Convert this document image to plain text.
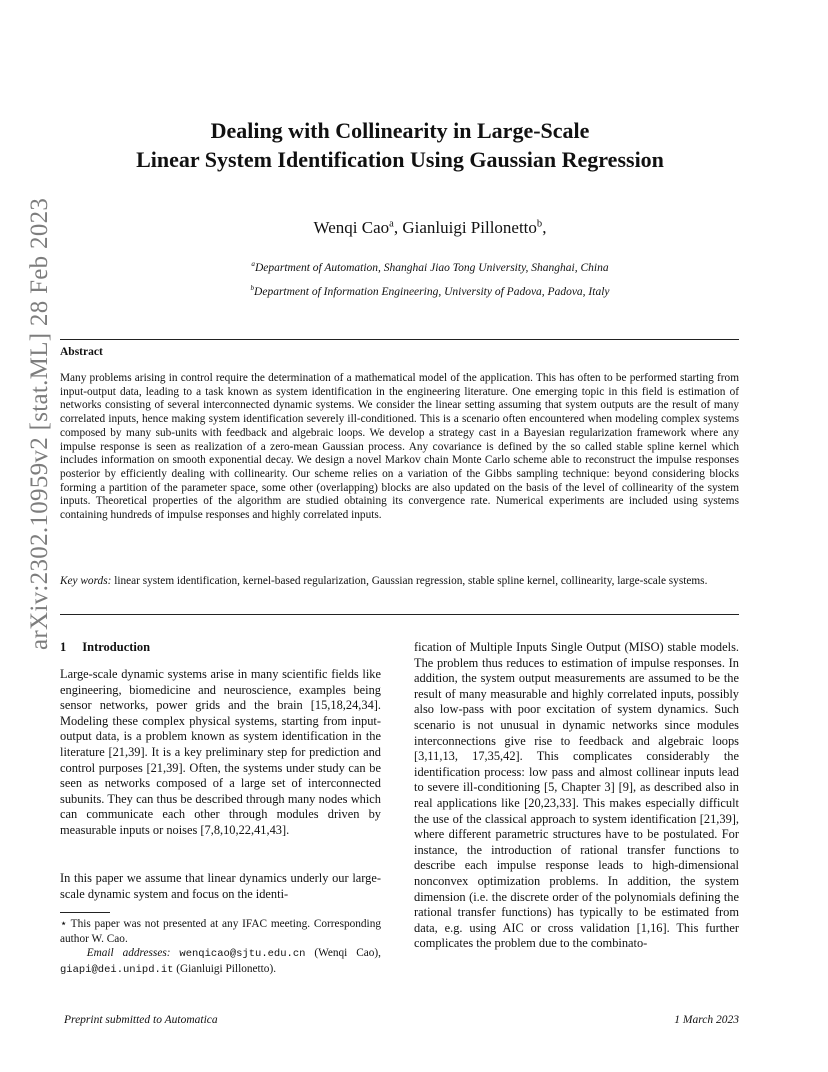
arXiv:2302.10959v2 [stat.ML] 28 Feb 2023
Dealing with Collinearity in Large-Scale
Linear System Identification Using Gaussian Regression
Wenqi Cao$^a$, Gianluigi Pillonetto$^b$,
$^a$Department of Automation, Shanghai Jiao Tong University, Shanghai, China
$^b$Department of Information Engineering, University of Padova, Padova, Italy
Abstract
Many problems arising in control require the determination of a mathematical model of the application. This has often to be performed starting from input-output data, leading to a task known as system identification in the engineering literature. One emerging topic in this field is estimation of networks consisting of several interconnected dynamic systems. We consider the linear setting assuming that system outputs are the result of many correlated inputs, hence making system identification severely ill-conditioned. This is a scenario often encountered when modeling complex systems composed by many sub-units with feedback and algebraic loops. We develop a strategy cast in a Bayesian regularization framework where any impulse response is seen as realization of a zero-mean Gaussian process. Any covariance is defined by the so called stable spline kernel which includes information on smooth exponential decay. We design a novel Markov chain Monte Carlo scheme able to reconstruct the impulse responses posterior by efficiently dealing with collinearity. Our scheme relies on a variation of the Gibbs sampling technique: beyond considering blocks forming a partition of the parameter space, some other (overlapping) blocks are also updated on the basis of the level of collinearity of the system inputs. Theoretical properties of the algorithm are studied obtaining its convergence rate. Numerical experiments are included using systems containing hundreds of impulse responses and highly correlated inputs.
Key words: linear system identification, kernel-based regularization, Gaussian regression, stable spline kernel, collinearity, large-scale systems.
1 Introduction
Large-scale dynamic systems arise in many scientific fields like engineering, biomedicine and neuroscience, examples being sensor networks, power grids and the brain [15,18,24,34]. Modeling these complex physical systems, starting from input-output data, is a problem known as system identification in the literature [21,39]. It is a key preliminary step for prediction and control purposes [21,39]. Often, the systems under study can be seen as networks composed of a large set of interconnected subunits. They can thus be described through many nodes which can communicate each other through modules driven by measurable inputs or noises [7,8,10,22,41,43].
In this paper we assume that linear dynamics underly our large-scale dynamic system and focus on the identi-
⋆ This paper was not presented at any IFAC meeting. Corresponding author W. Cao.
Email addresses: wenqicao@sjtu.edu.cn (Wenqi Cao), giapi@dei.unipd.it (Gianluigi Pillonetto).
fication of Multiple Inputs Single Output (MISO) stable models. The problem thus reduces to estimation of impulse responses. In addition, the system output measurements are assumed to be the result of many measurable and highly correlated inputs, possibly also low-pass with poor excitation of system dynamics. Such scenario is not unusual in dynamic networks since modules interconnections give rise to feedback and algebraic loops [3,11,13, 17,35,42]. This complicates considerably the identification process: low pass and almost collinear inputs lead to severe ill-conditioning [5, Chapter 3] [9], as described also in real applications like [20,23,33]. This makes especially difficult the use of the classical approach to system identification [21,39], where different parametric structures have to be postulated. For instance, the introduction of rational transfer functions to describe each impulse response leads to high-dimensional nonconvex optimization problems. In addition, the system dimension (i.e. the discrete order of the polynomials defining the rational transfer functions) has typically to be estimated from data, e.g. using AIC or cross validation [1,16]. This further complicates the problem due to the combinato-
Preprint submitted to Automatica	1 March 2023
